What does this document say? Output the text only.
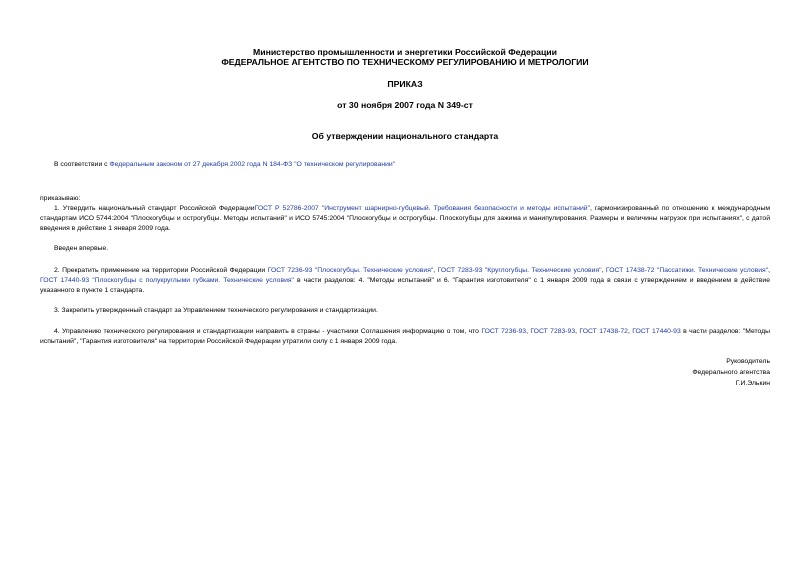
Министерство промышленности и энергетики Российской Федерации
ФЕДЕРАЛЬНОЕ АГЕНТСТВО ПО ТЕХНИЧЕСКОМУ РЕГУЛИРОВАНИЮ И МЕТРОЛОГИИ
ПРИКАЗ
от 30 ноября 2007 года N 349-ст
Об утверждении национального стандарта
В соответствии с Федеральным законом от 27 декабря 2002 года N 184-ФЗ "О техническом регулировании"
приказываю:
1. Утвердить национальный стандарт Российской ФедерацииГОСТ Р 52786-2007 "Инструмент шарнирно-губцевый. Требования безопасности и методы испытаний", гармонизированный по отношению к международным стандартам ИСО 5744:2004 "Плоскогубцы и острогубцы. Методы испытаний" и ИСО 5745:2004 "Плоскогубцы и острогубцы. Плоскогубцы для зажима и манипулирования. Размеры и величины нагрузок при испытаниях", с датой введения в действие 1 января 2009 года.
Введен впервые.
2. Прекратить применение на территории Российской Федерации ГОСТ 7236-93 "Плоскогубцы. Технические условия", ГОСТ 7283-93 "Круглогубцы. Технические условия", ГОСТ 17438-72 "Пассатижи. Технические условия", ГОСТ 17440-93 "Плоскогубцы с полукруглыми губками. Технические условия" в части разделов: 4. "Методы испытаний" и 6. "Гарантия изготовителя" с 1 января 2009 года в связи с утверждением и введением в действие указанного в пункте 1 стандарта.
3. Закрепить утвержденный стандарт за Управлением технического регулирования и стандартизации.
4. Управлению технического регулирования и стандартизации направить в страны - участники Соглашения информацию о том, что ГОСТ 7236-93, ГОСТ 7283-93, ГОСТ 17438-72, ГОСТ 17440-93 в части разделов: "Методы испытаний", "Гарантия изготовителя" на территории Российской Федерации утратили силу с 1 января 2009 года.
Руководитель
Федерального агентства
Г.И.Элькин
